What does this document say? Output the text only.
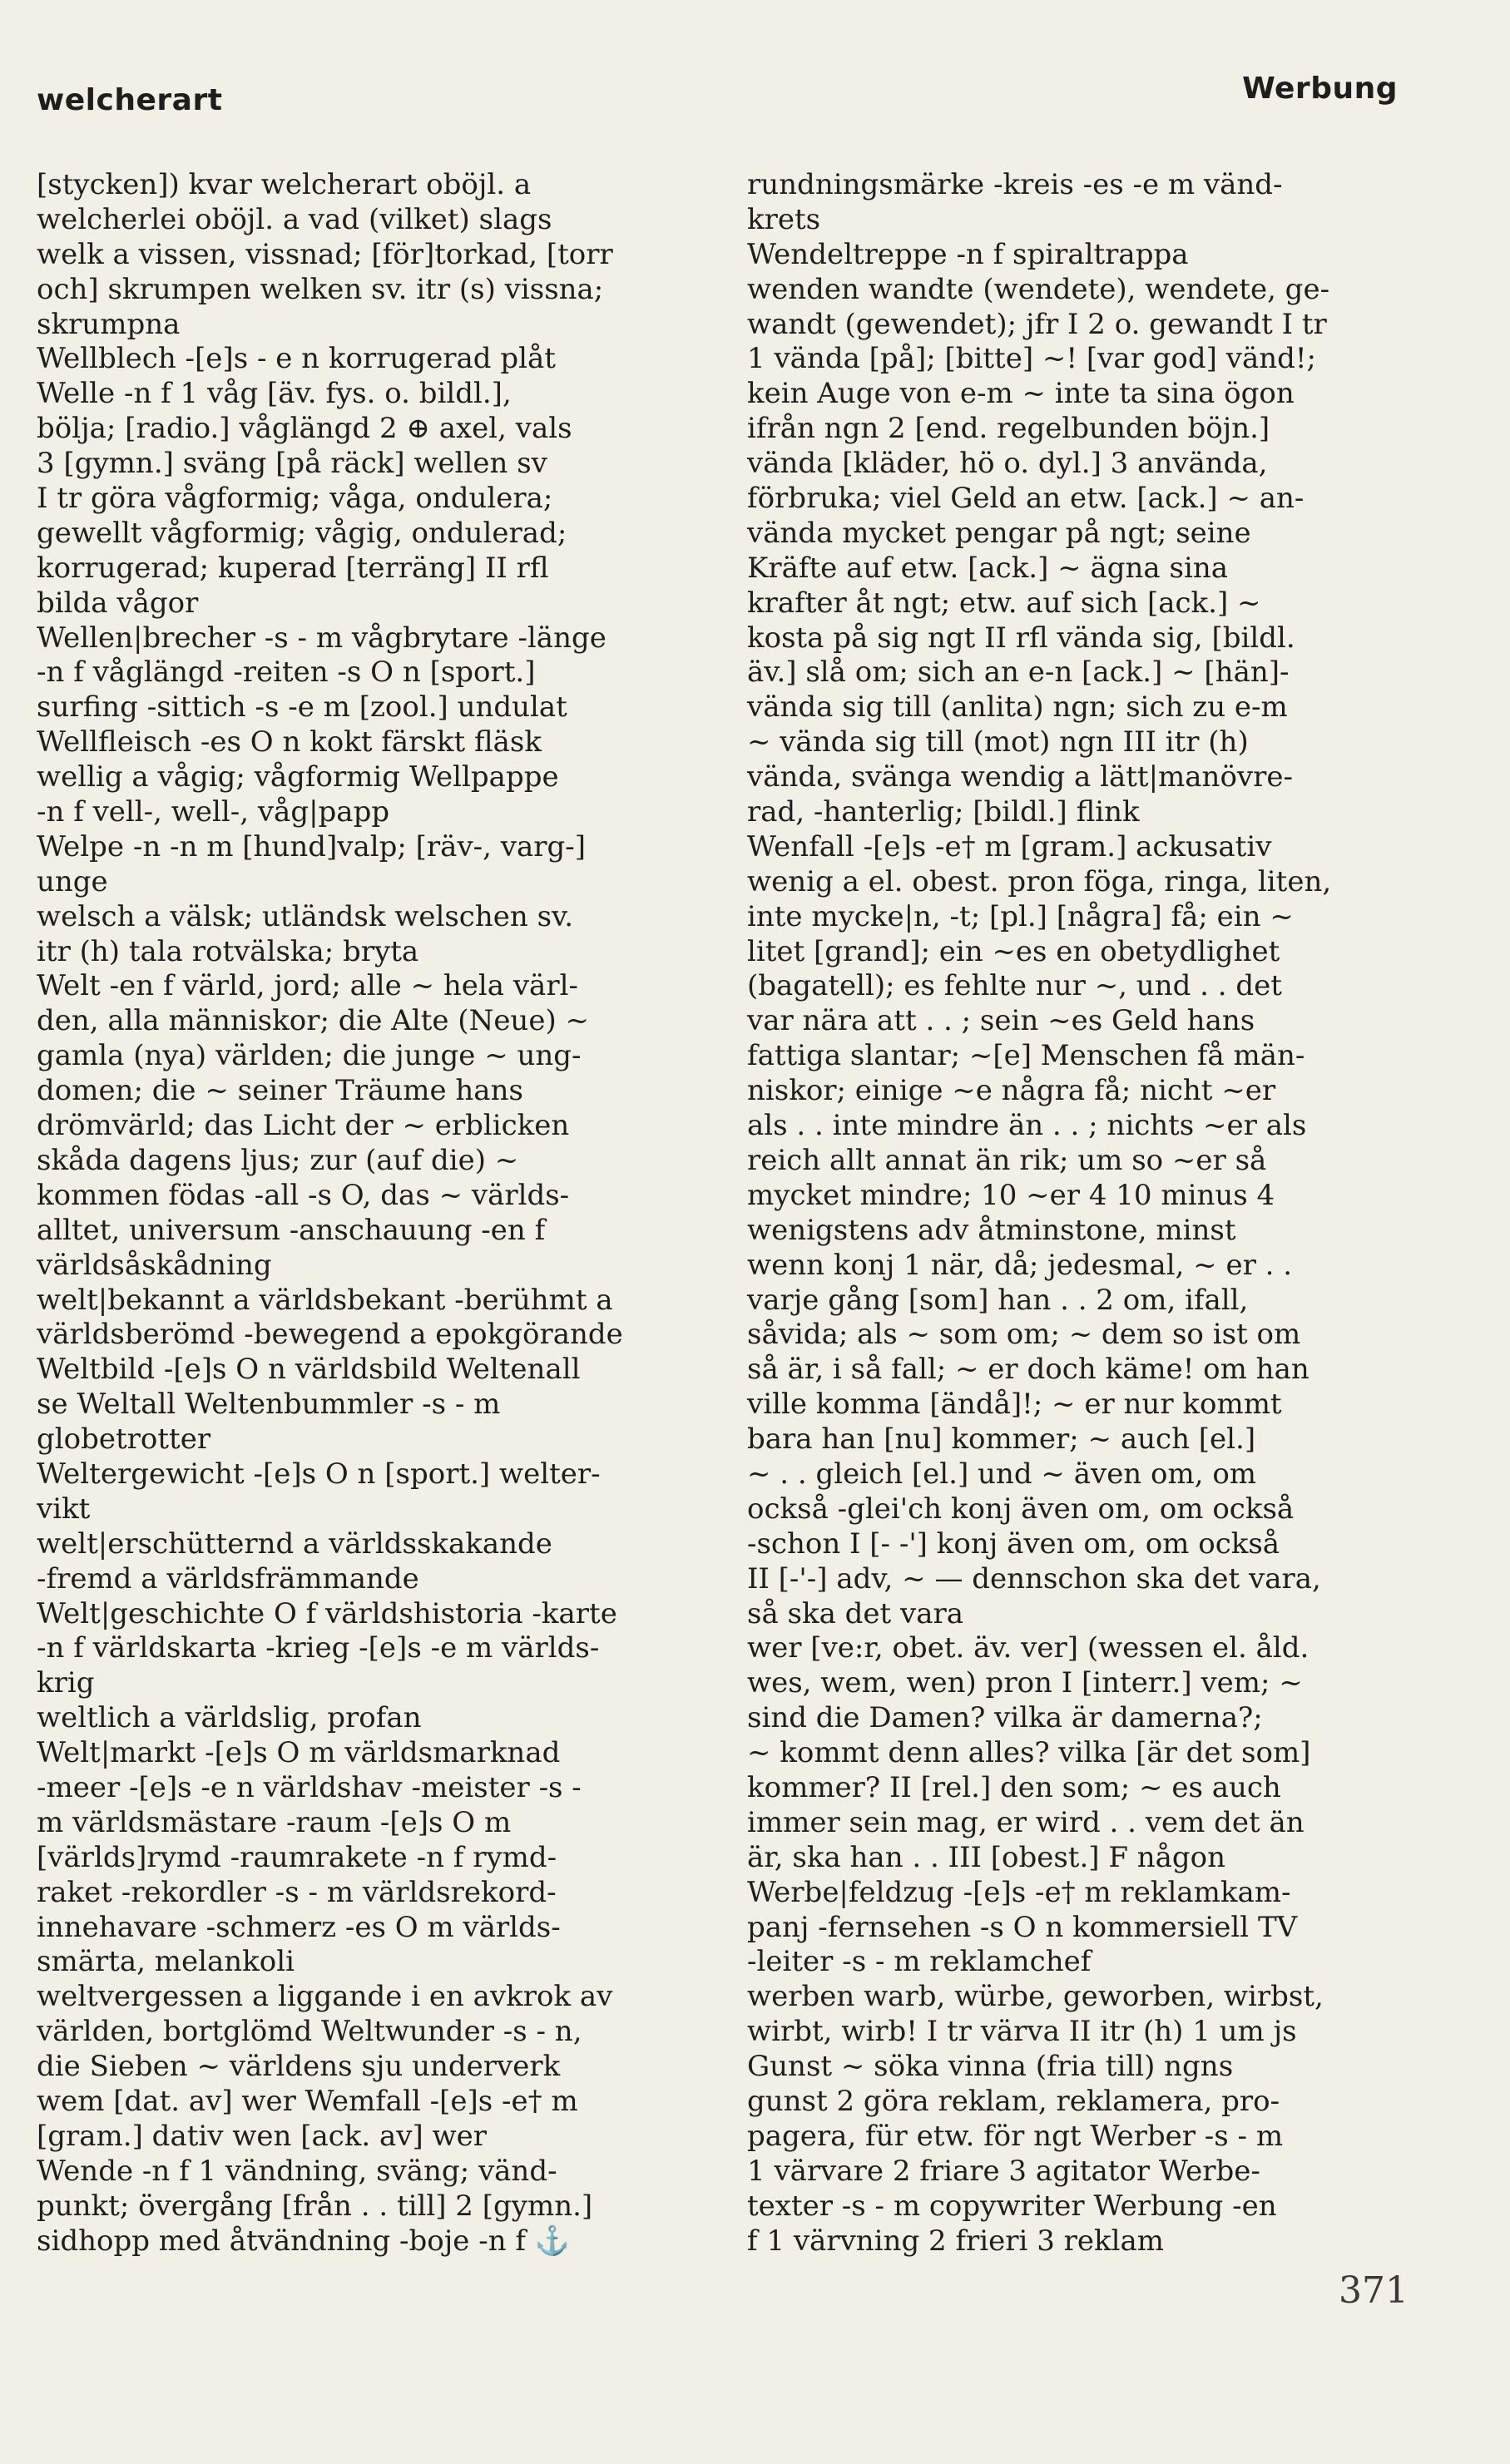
welcherart	Werbung
[stycken]) kvar welcherart oböjl. a
welcherlei oböjl. a vad (vilket) slags
welk a vissen, vissnad; [för]torkad, [torr
och] skrumpen welken sv. itr (s) vissna;
skrumpna
Wellblech -[e]s - e n korrugerad plåt
Welle -n f 1 våg [äv. fys. o. bildl.],
bölja; [radio.] våglängd 2 ⊕ axel, vals
3 [gymn.] sväng [på räck] wellen sv
I tr göra vågformig; våga, ondulera;
gewellt vågformig; vågig, ondulerad;
korrugerad; kuperad [terräng] II rfl
bilda vågor
Wellen|brecher -s - m vågbrytare -länge
-n f våglängd -reiten -s O n [sport.]
surfing -sittich -s -e m [zool.] undulat
Wellfleisch -es O n kokt färskt fläsk
wellig a vågig; vågformig Wellpappe
-n f vell-, well-, våg|papp
Welpe -n -n m [hund]valp; [räv-, varg-]
unge
welsch a välsk; utländsk welschen sv.
itr (h) tala rotvälska; bryta
Welt -en f värld, jord; alle ~ hela värl-
den, alla människor; die Alte (Neue) ~
gamla (nya) världen; die junge ~ ung-
domen; die ~ seiner Träume hans
drömvärld; das Licht der ~ erblicken
skåda dagens ljus; zur (auf die) ~
kommen födas -all -s O, das ~ världs-
alltet, universum -anschauung -en f
världsåskådning
welt|bekannt a världsbekant -berühmt a
världsberömd -bewegend a epokgörande
Weltbild -[e]s O n världsbild Weltenall
se Weltall Weltenbummler -s - m
globetrotter
Weltergewicht -[e]s O n [sport.] welter-
vikt
welt|erschütternd a världsskakande
-fremd a världsfrämmande
Welt|geschichte O f världshistoria -karte
-n f världskarta -krieg -[e]s -e m världs-
krig
weltlich a världslig, profan
Welt|markt -[e]s O m världsmarknad
-meer -[e]s -e n världshav -meister -s -
m världsmästare -raum -[e]s O m
[världs]rymd -raumrakete -n f rymd-
raket -rekordler -s - m världsrekord-
innehavare -schmerz -es O m världs-
smärta, melankoli
weltvergessen a liggande i en avkrok av
världen, bortglömd Weltwunder -s - n,
die Sieben ~ världens sju underverk
wem [dat. av] wer Wemfall -[e]s -e† m
[gram.] dativ wen [ack. av] wer
Wende -n f 1 vändning, sväng; vänd-
punkt; övergång [från . . till] 2 [gymn.]
sidhopp med åtvändning -boje -n f ⚓
rundningsmärke -kreis -es -e m vänd-
krets
Wendeltreppe -n f spiraltrappa
wenden wandte (wendete), wendete, ge-
wandt (gewendet); jfr I 2 o. gewandt I tr
1 vända [på]; [bitte] ~! [var god] vänd!;
kein Auge von e-m ~ inte ta sina ögon
ifrån ngn 2 [end. regelbunden böjn.]
vända [kläder, hö o. dyl.] 3 använda,
förbruka; viel Geld an etw. [ack.] ~ an-
vända mycket pengar på ngt; seine
Kräfte auf etw. [ack.] ~ ägna sina
krafter åt ngt; etw. auf sich [ack.] ~
kosta på sig ngt II rfl vända sig, [bildl.
äv.] slå om; sich an e-n [ack.] ~ [hän]-
vända sig till (anlita) ngn; sich zu e-m
~ vända sig till (mot) ngn III itr (h)
vända, svänga wendig a lätt|manövre-
rad, -hanterlig; [bildl.] flink
Wenfall -[e]s -e† m [gram.] ackusativ
wenig a el. obest. pron föga, ringa, liten,
inte mycke|n, -t; [pl.] [några] få; ein ~
litet [grand]; ein ~es en obetydlighet
(bagatell); es fehlte nur ~, und . . det
var nära att . . ; sein ~es Geld hans
fattiga slantar; ~[e] Menschen få män-
niskor; einige ~e några få; nicht ~er
als . . inte mindre än . . ; nichts ~er als
reich allt annat än rik; um so ~er så
mycket mindre; 10 ~er 4 10 minus 4
wenigstens adv åtminstone, minst
wenn konj 1 när, då; jedesmal, ~ er . .
varje gång [som] han . . 2 om, ifall,
såvida; als ~ som om; ~ dem so ist om
så är, i så fall; ~ er doch käme! om han
ville komma [ändå]!; ~ er nur kommt
bara han [nu] kommer; ~ auch [el.]
~ . . gleich [el.] und ~ även om, om
också -glei'ch konj även om, om också
-schon I [- -'] konj även om, om också
II [-'-] adv, ~ — dennschon ska det vara,
så ska det vara
wer [ve:r, obet. äv. ver] (wessen el. åld.
wes, wem, wen) pron I [interr.] vem; ~
sind die Damen? vilka är damerna?;
~ kommt denn alles? vilka [är det som]
kommer? II [rel.] den som; ~ es auch
immer sein mag, er wird . . vem det än
är, ska han . . III [obest.] F någon
Werbe|feldzug -[e]s -e† m reklamkam-
panj -fernsehen -s O n kommersiell TV
-leiter -s - m reklamchef
werben warb, würbe, geworben, wirbst,
wirbt, wirb! I tr värva II itr (h) 1 um js
Gunst ~ söka vinna (fria till) ngns
gunst 2 göra reklam, reklamera, pro-
pagera, für etw. för ngt Werber -s - m
1 värvare 2 friare 3 agitator Werbe-
texter -s - m copywriter Werbung -en
f 1 värvning 2 frieri 3 reklam
371
